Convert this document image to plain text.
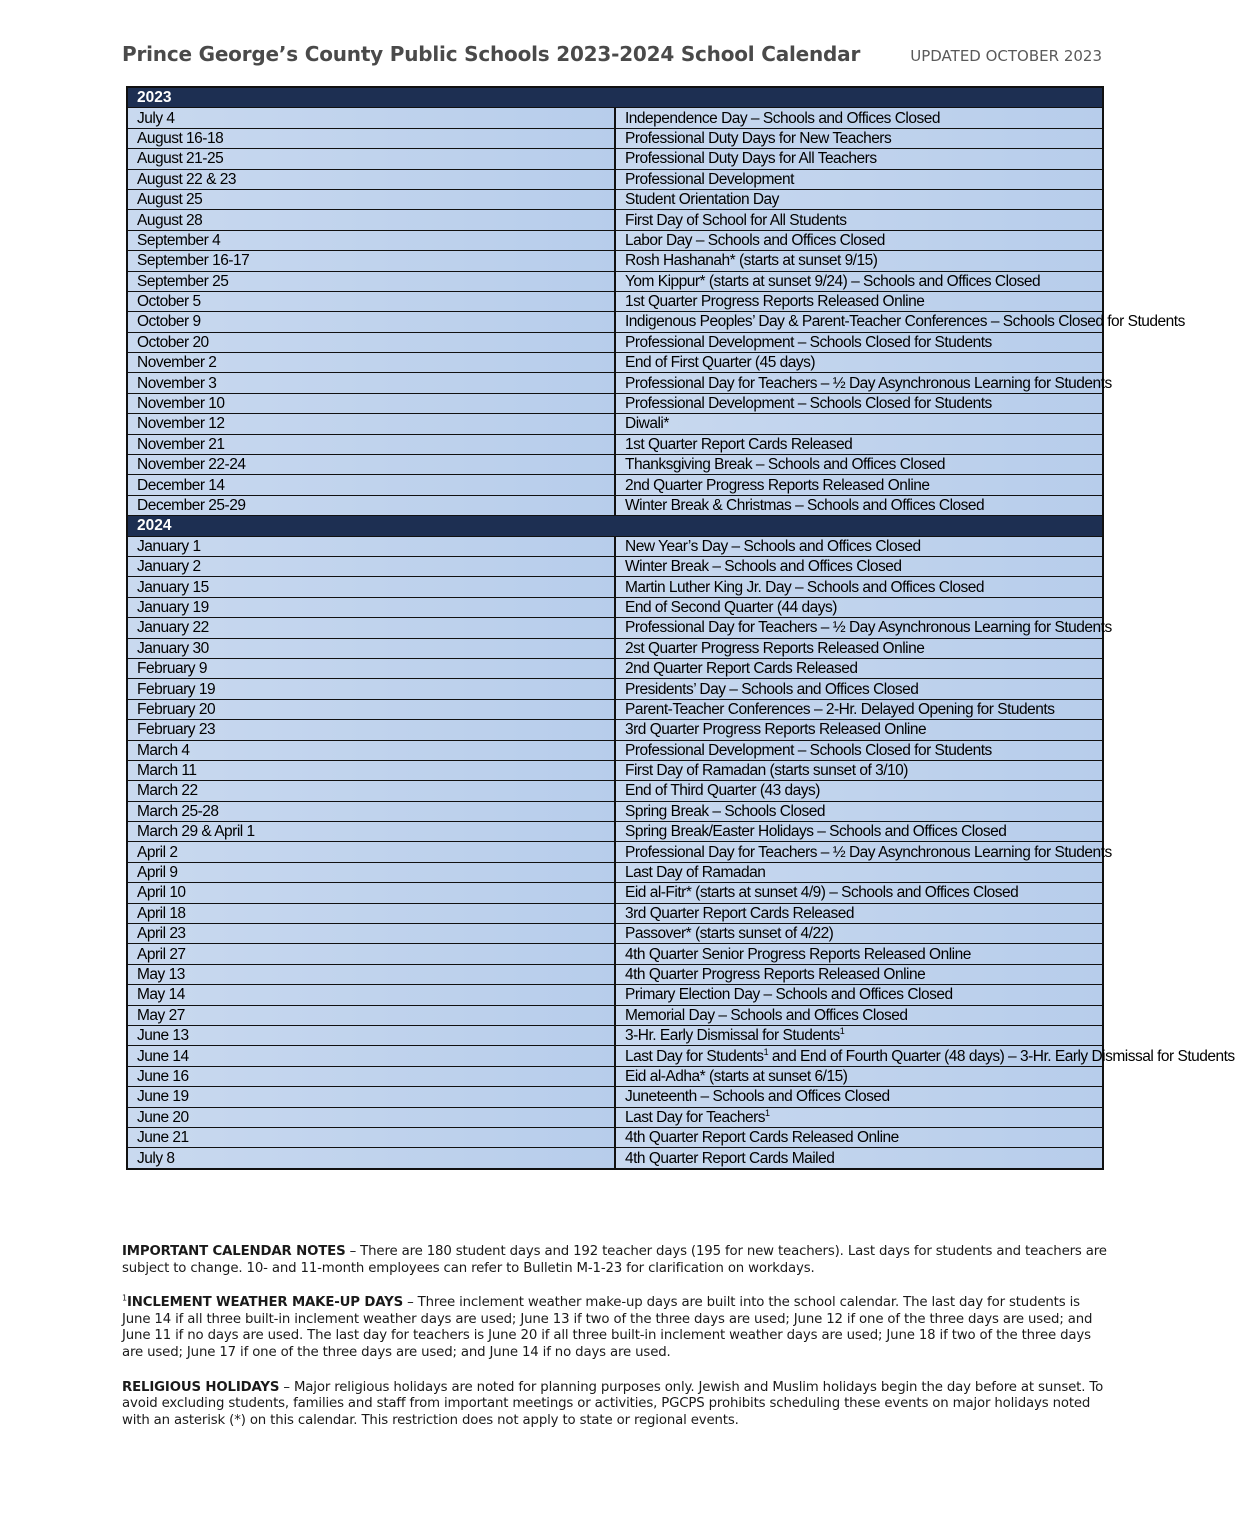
Prince George’s County Public Schools 2023-2024 School Calendar	UPDATED OCTOBER 2023
2023	
July 4	Independence Day – Schools and Offices Closed
August 16-18	Professional Duty Days for New Teachers
August 21-25	Professional Duty Days for All Teachers
August 22 & 23	Professional Development
August 25	Student Orientation Day
August 28	First Day of School for All Students
September 4	Labor Day – Schools and Offices Closed
September 16-17	Rosh Hashanah* (starts at sunset 9/15)
September 25	Yom Kippur* (starts at sunset 9/24) – Schools and Offices Closed
October 5	1st Quarter Progress Reports Released Online
October 9	Indigenous Peoples’ Day & Parent-Teacher Conferences – Schools Closed for Students
October 20	Professional Development – Schools Closed for Students
November 2	End of First Quarter (45 days)
November 3	Professional Day for Teachers – ½ Day Asynchronous Learning for Students
November 10	Professional Development – Schools Closed for Students
November 12	Diwali*
November 21	1st Quarter Report Cards Released
November 22-24	Thanksgiving Break – Schools and Offices Closed
December 14	2nd Quarter Progress Reports Released Online
December 25-29	Winter Break & Christmas – Schools and Offices Closed
2024	
January 1	New Year’s Day – Schools and Offices Closed
January 2	Winter Break – Schools and Offices Closed
January 15	Martin Luther King Jr. Day – Schools and Offices Closed
January 19	End of Second Quarter (44 days)
January 22	Professional Day for Teachers – ½ Day Asynchronous Learning for Students
January 30	2st Quarter Progress Reports Released Online
February 9	2nd Quarter Report Cards Released
February 19	Presidents’ Day – Schools and Offices Closed
February 20	Parent-Teacher Conferences – 2-Hr. Delayed Opening for Students
February 23	3rd Quarter Progress Reports Released Online
March 4	Professional Development – Schools Closed for Students
March 11	First Day of Ramadan (starts sunset of 3/10)
March 22	End of Third Quarter (43 days)
March 25-28	Spring Break – Schools Closed
March 29 & April 1	Spring Break/Easter Holidays – Schools and Offices Closed
April 2	Professional Day for Teachers – ½ Day Asynchronous Learning for Students
April 9	Last Day of Ramadan
April 10	Eid al-Fitr* (starts at sunset 4/9) – Schools and Offices Closed
April 18	3rd Quarter Report Cards Released
April 23	Passover* (starts sunset of 4/22)
April 27	4th Quarter Senior Progress Reports Released Online
May 13	4th Quarter Progress Reports Released Online
May 14	Primary Election Day – Schools and Offices Closed
May 27	Memorial Day – Schools and Offices Closed
June 13	3-Hr. Early Dismissal for Students$^1$
June 14	Last Day for Students$^1$ and End of Fourth Quarter (48 days) – 3-Hr. Early Dismissal for Students
June 16	Eid al-Adha* (starts at sunset 6/15)
June 19	Juneteenth – Schools and Offices Closed
June 20	Last Day for Teachers$^1$
June 21	4th Quarter Report Cards Released Online
July 8	4th Quarter Report Cards Mailed

IMPORTANT CALENDAR NOTES – There are 180 student days and 192 teacher days (195 for new teachers). Last days for students and teachers are subject to change. 10- and 11-month employees can refer to Bulletin M-1-23 for clarification on workdays.

$^1$INCLEMENT WEATHER MAKE-UP DAYS – Three inclement weather make-up days are built into the school calendar. The last day for students is June 14 if all three built-in inclement weather days are used; June 13 if two of the three days are used; June 12 if one of the three days are used; and June 11 if no days are used. The last day for teachers is June 20 if all three built-in inclement weather days are used; June 18 if two of the three days are used; June 17 if one of the three days are used; and June 14 if no days are used.

RELIGIOUS HOLIDAYS – Major religious holidays are noted for planning purposes only. Jewish and Muslim holidays begin the day before at sunset. To avoid excluding students, families and staff from important meetings or activities, PGCPS prohibits scheduling these events on major holidays noted with an asterisk (*) on this calendar. This restriction does not apply to state or regional events.
